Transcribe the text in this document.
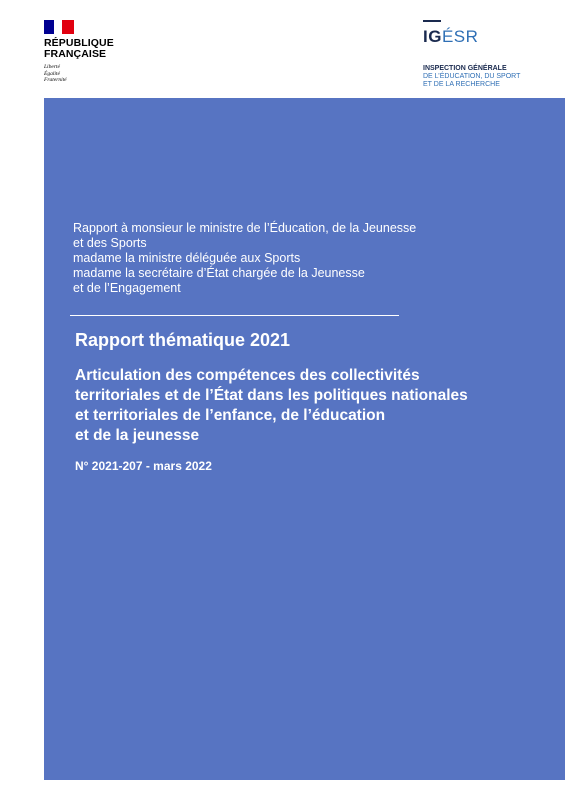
RÉPUBLIQUE
FRANÇAISE
Liberté
Égalité
Fraternité
IGÉSR
INSPECTION GÉNÉRALE
DE L’ÉDUCATION, DU SPORT
ET DE LA RECHERCHE
Rapport à monsieur le ministre de l’Éducation, de la Jeunesse
et des Sports
madame la ministre déléguée aux Sports
madame la secrétaire d’État chargée de la Jeunesse
et de l’Engagement
Rapport thématique 2021
Articulation des compétences des collectivités
territoriales et de l’État dans les politiques nationales
et territoriales de l’enfance, de l’éducation
et de la jeunesse
N° 2021-207 - mars 2022
